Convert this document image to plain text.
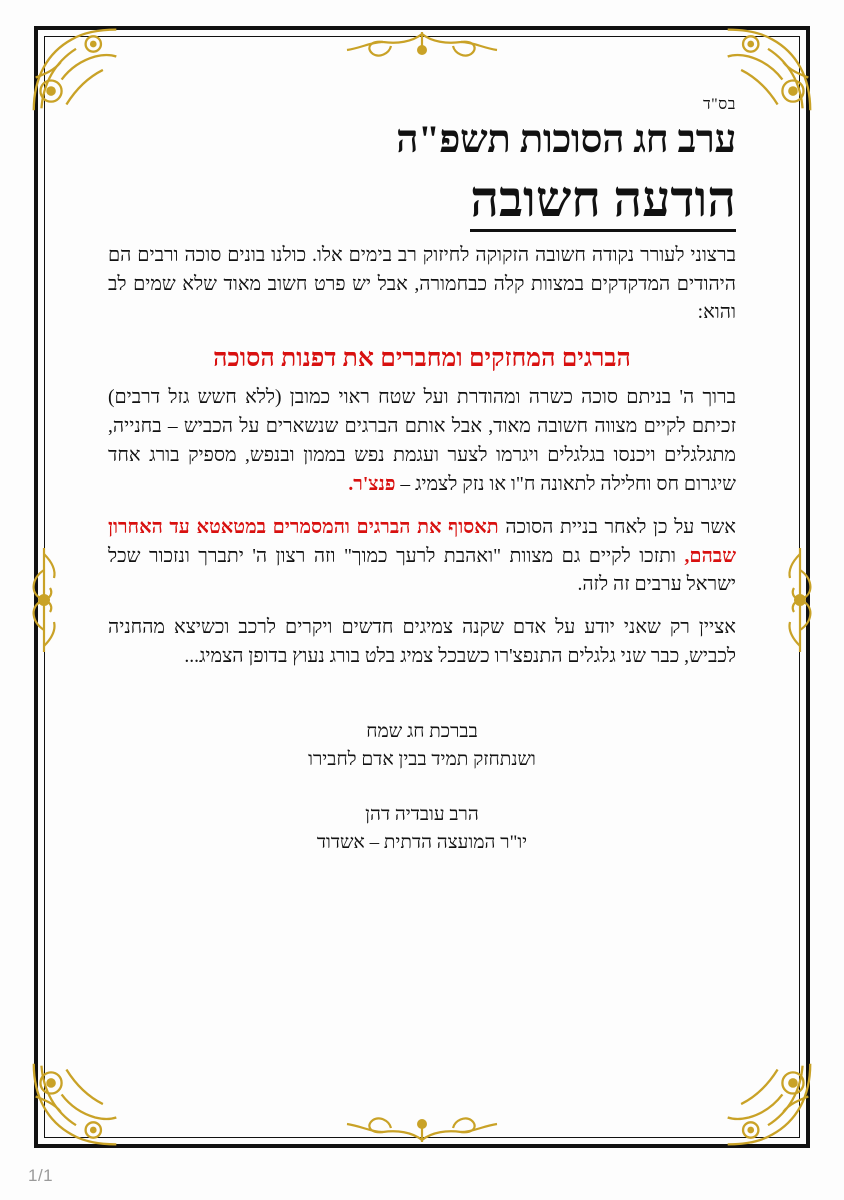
בס"ד
ערב חג הסוכות תשפ"ה
הודעה חשובה

ברצוני לעורר נקודה חשובה הזקוקה לחיזוק רב בימים אלו. כולנו בונים סוכה ורבים הם היהודים המדקדקים במצוות קלה כבחמורה, אבל יש פרט חשוב מאוד שלא שמים לב והוא:

הברגים המחזקים ומחברים את דפנות הסוכה

ברוך ה' בניתם סוכה כשרה ומהודרת ועל שטח ראוי כמובן (ללא חשש גזל דרבים) זכיתם לקיים מצווה חשובה מאוד, אבל אותם הברגים שנשארים על הכביש – בחנייה, מתגלגלים ויכנסו בגלגלים ויגרמו לצער ועגמת נפש בממון ובנפש, מספיק בורג אחד שיגרום חס וחלילה לתאונה ח"ו או נזק לצמיג – פנצ'ר.

אשר על כן לאחר בניית הסוכה תאסוף את הברגים והמסמרים במטאטא עד האחרון שבהם, ותזכו לקיים גם מצוות "ואהבת לרעך כמוך" וזה רצון ה' יתברך ונזכור שכל ישראל ערבים זה לזה.

אציין רק שאני יודע על אדם שקנה צמיגים חדשים ויקרים לרכב וכשיצא מהחניה לכביש, כבר שני גלגלים התנפצ'רו כשבכל צמיג בלט בורג נעוץ בדופן הצמיג...

בברכת חג שמח
ושנתחזק תמיד בבין אדם לחבירו
הרב עובדיה דהן
יו"ר המועצה הדתית – אשדוד
1/1
